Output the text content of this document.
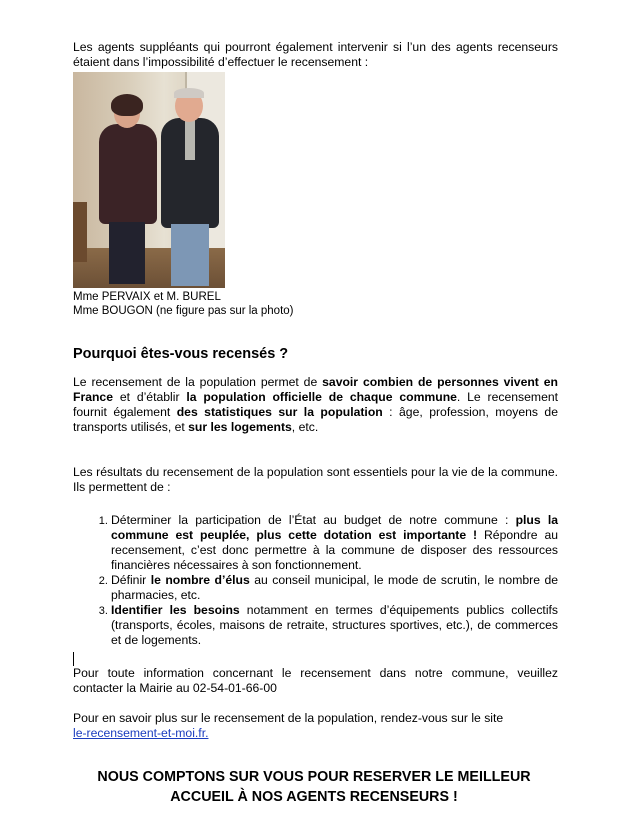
Les agents suppléants qui pourront également intervenir si l’un des agents recenseurs étaient dans l’impossibilité d’effectuer le recensement :

Mme PERVAIX et M. BUREL
Mme BOUGON (ne figure pas sur la photo)
Pourquoi êtes-vous recensés ?

Le recensement de la population permet de savoir combien de personnes vivent en France et d’établir la population officielle de chaque commune. Le recensement fournit également des statistiques sur la population : âge, profession, moyens de transports utilisés, et sur les logements, etc.

Les résultats du recensement de la population sont essentiels pour la vie de la commune. Ils permettent de :

1. Déterminer la participation de l’État au budget de notre commune : plus la commune est peuplée, plus cette dotation est importante ! Répondre au recensement, c’est donc permettre à la commune de disposer des ressources financières nécessaires à son fonctionnement.
2. Définir le nombre d’élus au conseil municipal, le mode de scrutin, le nombre de pharmacies, etc.
3. Identifier les besoins notamment en termes d’équipements publics collectifs (transports, écoles, maisons de retraite, structures sportives, etc.), de commerces et de logements.

Pour toute information concernant le recensement dans notre commune, veuillez contacter la Mairie au 02-54-01-66-00

Pour en savoir plus sur le recensement de la population, rendez-vous sur le site
le-recensement-et-moi.fr.

NOUS COMPTONS SUR VOUS POUR RESERVER LE MEILLEUR
ACCUEIL À NOS AGENTS RECENSEURS !
